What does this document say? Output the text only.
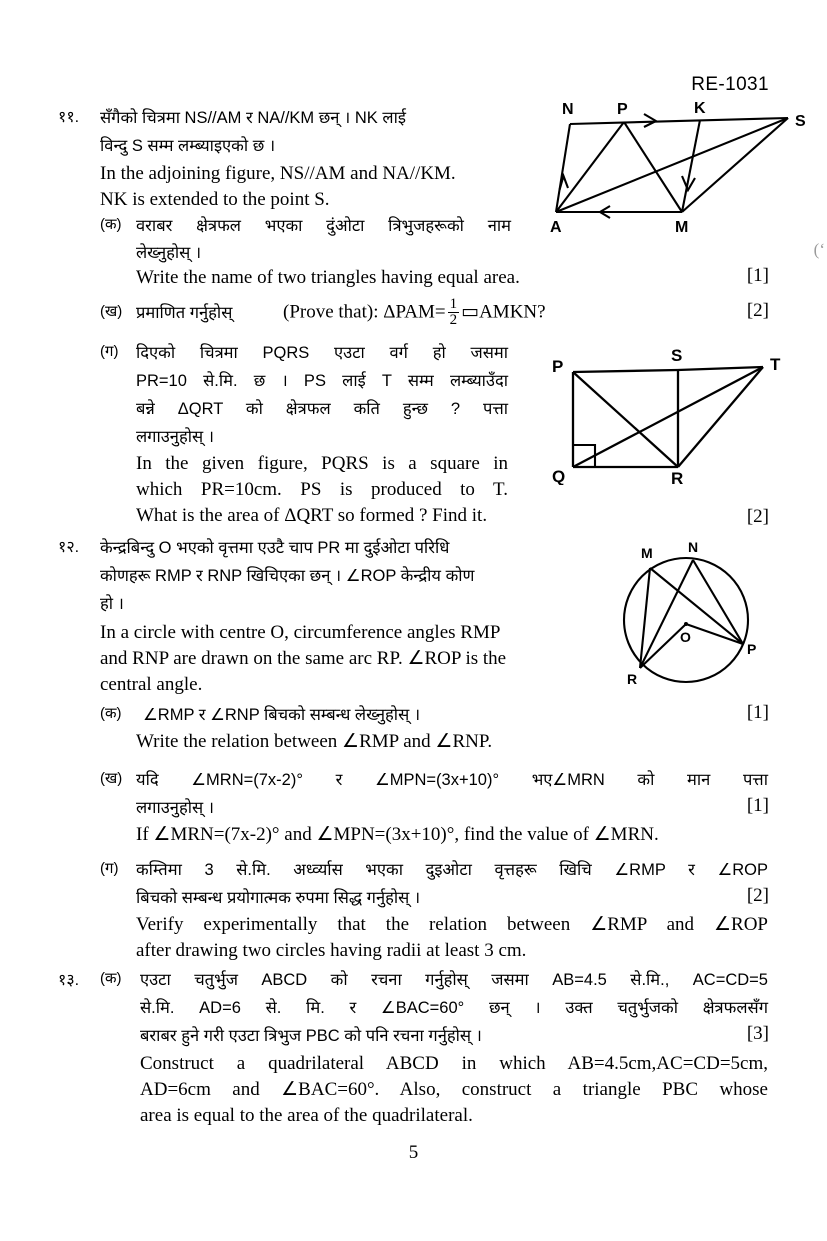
RE-1031
N	P	K
S
A	M
११.	सँगैको चित्रमा NS//AM र NA//KM छन् । NK लाई
विन्दु S सम्म लम्ब्याइएको छ ।
In the adjoining figure, NS//AM and NA//KM.
NK is extended to the point S.
(क) वराबर क्षेत्रफल भएका दुंओटा त्रिभुजहरूको नाम
लेख्नुहोस् ।
Write the name of two triangles having equal area.	[1]
(ʻ
(ख) प्रमाणित गर्नुहोस्	(Prove that): $\Delta PAM= \frac{1}{2}$ ▭AMKN?	[2]
P
S	T
Q	R
(ग)	दिएको चित्रमा PQRS एउटा वर्ग हो जसमा
PR=10 से.मि. छ । PS लाई T सम्म लम्ब्याउँदा
बन्ने ΔQRT को क्षेत्रफल कति हुन्छ ? पत्ता
लगाउनुहोस् ।
In the given figure, PQRS is a square in
which PR=10cm. PS is produced to T.
What is the area of ΔQRT so formed ? Find it.	[2]
M	N
O
P
R
१२.	केन्द्रबिन्दु O भएको वृत्तमा एउटै चाप PR मा दुईओटा परिधि
कोणहरू RMP र RNP खिचिएका छन् । ∠ROP केन्द्रीय कोण
हो ।
In a circle with centre O, circumference angles RMP
and RNP are drawn on the same arc RP. ∠ROP is the
central angle.
(क)	∠RMP र ∠RNP बिचको सम्बन्ध लेख्नुहोस् ।	[1]
Write the relation between ∠RMP and ∠RNP.
(ख) यदि ∠MRN=(7x-2)° र ∠MPN=(3x+10)° भए∠MRN को मान पत्ता
लगाउनुहोस् ।	[1]
If ∠MRN=(7x-2)° and ∠MPN=(3x+10)°, find the value of ∠MRN.
(ग)	कम्तिमा 3 से.मि. अर्ध्व्यास भएका दुइओटा वृत्तहरू खिचि ∠RMP र ∠ROP
बिचको सम्बन्ध प्रयोगात्मक रुपमा सिद्ध गर्नुहोस् ।	[2]
Verify experimentally that the relation between ∠RMP and ∠ROP
after drawing two circles having radii at least 3 cm.
१३.	(क)	एउटा चतुर्भुज ABCD को रचना गर्नुहोस् जसमा AB=4.5 से.मि., AC=CD=5
से.मि. AD=6 से. मि. र ∠BAC=60° छन् । उक्त चतुर्भुजको क्षेत्रफलसँग
बराबर हुने गरी एउटा त्रिभुज PBC को पनि रचना गर्नुहोस् ।	[3]
Construct a quadrilateral ABCD in which AB=4.5cm,AC=CD=5cm,
AD=6cm and ∠BAC=60°. Also, construct a triangle PBC whose
area is equal to the area of the quadrilateral.
5
